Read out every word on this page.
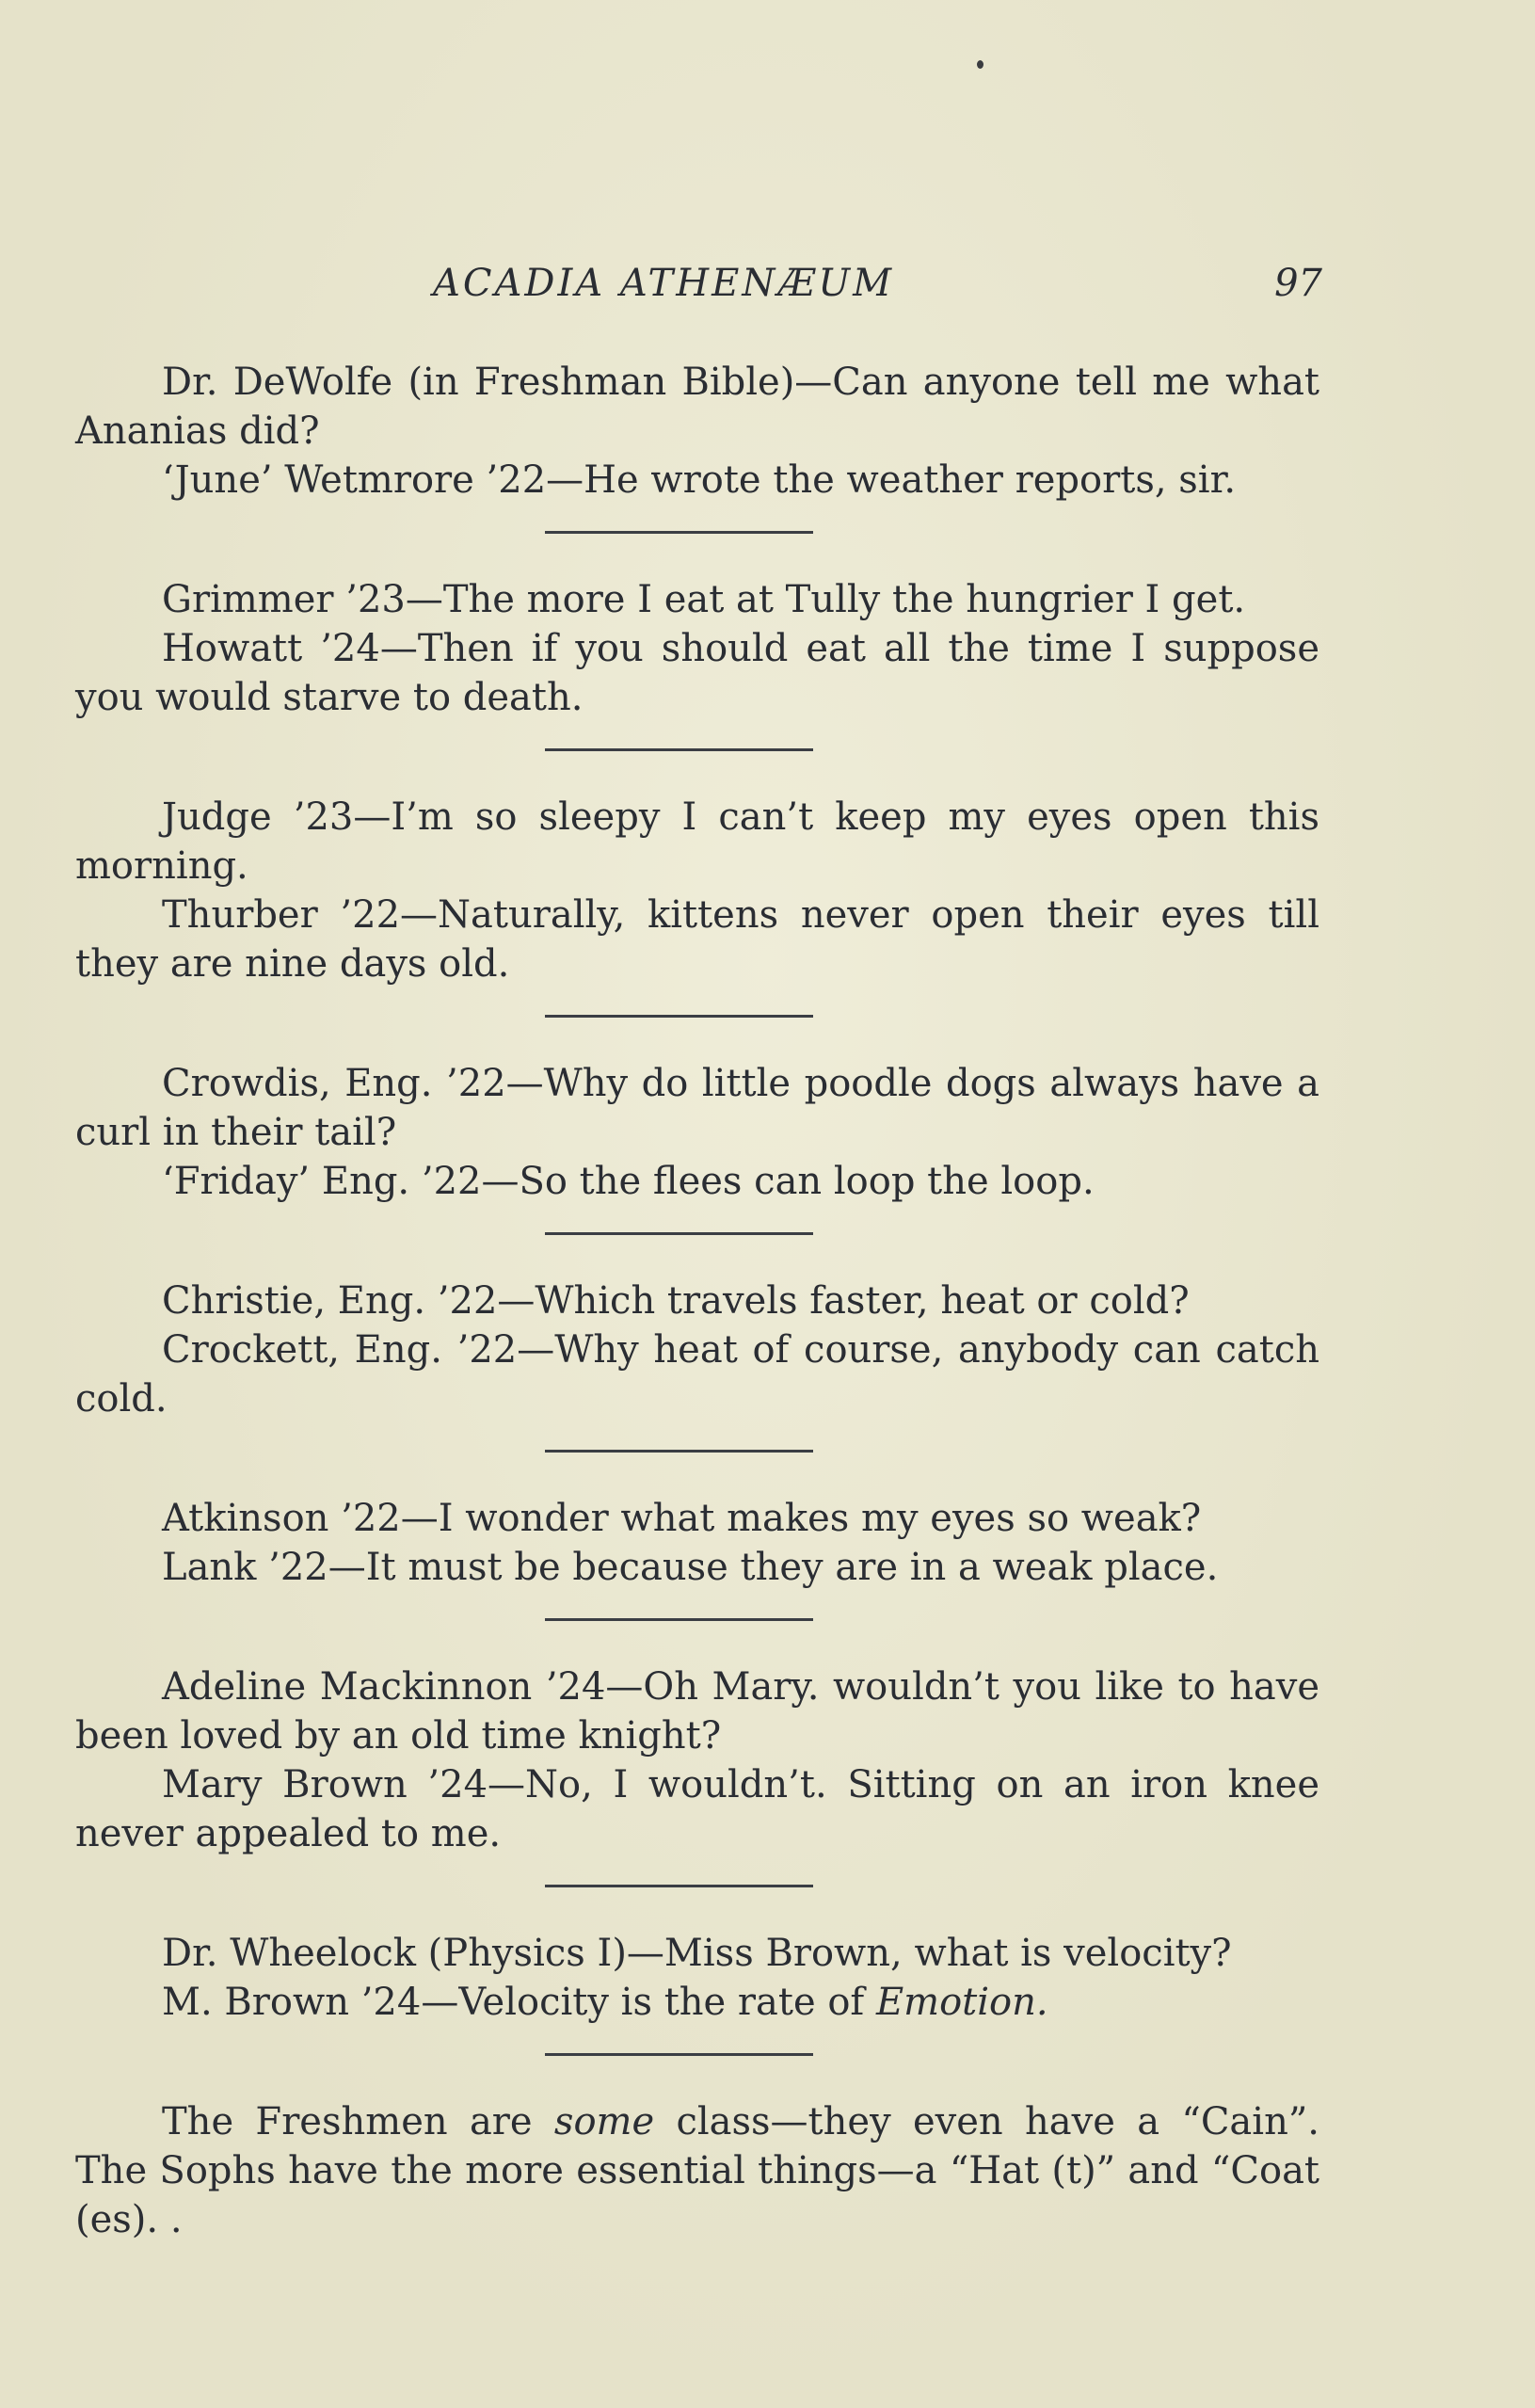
ACADIA ATHENÆUM	97

Dr. DeWolfe (in Freshman Bible)—Can anyone tell me what Ananias did?

‘June’ Wetmrore ’22—He wrote the weather reports, sir.

Grimmer ’23—The more I eat at Tully the hungrier I get.

Howatt ’24—Then if you should eat all the time I suppose you would starve to death.

Judge ’23—I’m so sleepy I can’t keep my eyes open this morning.

Thurber ’22—Naturally, kittens never open their eyes till they are nine days old.

Crowdis, Eng. ’22—Why do little poodle dogs always have a curl in their tail?

‘Friday’ Eng. ’22—So the flees can loop the loop.

Christie, Eng. ’22—Which travels faster, heat or cold?

Crockett, Eng. ’22—Why heat of course, anybody can catch cold.

Atkinson ’22—I wonder what makes my eyes so weak?

Lank ’22—It must be because they are in a weak place.

Adeline Mackinnon ’24—Oh Mary. wouldn’t you like to have been loved by an old time knight?

Mary Brown ’24—No, I wouldn’t. Sitting on an iron knee never appealed to me.

Dr. Wheelock (Physics I)—Miss Brown, what is velocity?

M. Brown ’24—Velocity is the rate of Emotion.

The Freshmen are some class—they even have a “Cain”. The Sophs have the more essential things—a “Hat (t)” and “Coat (es). .
